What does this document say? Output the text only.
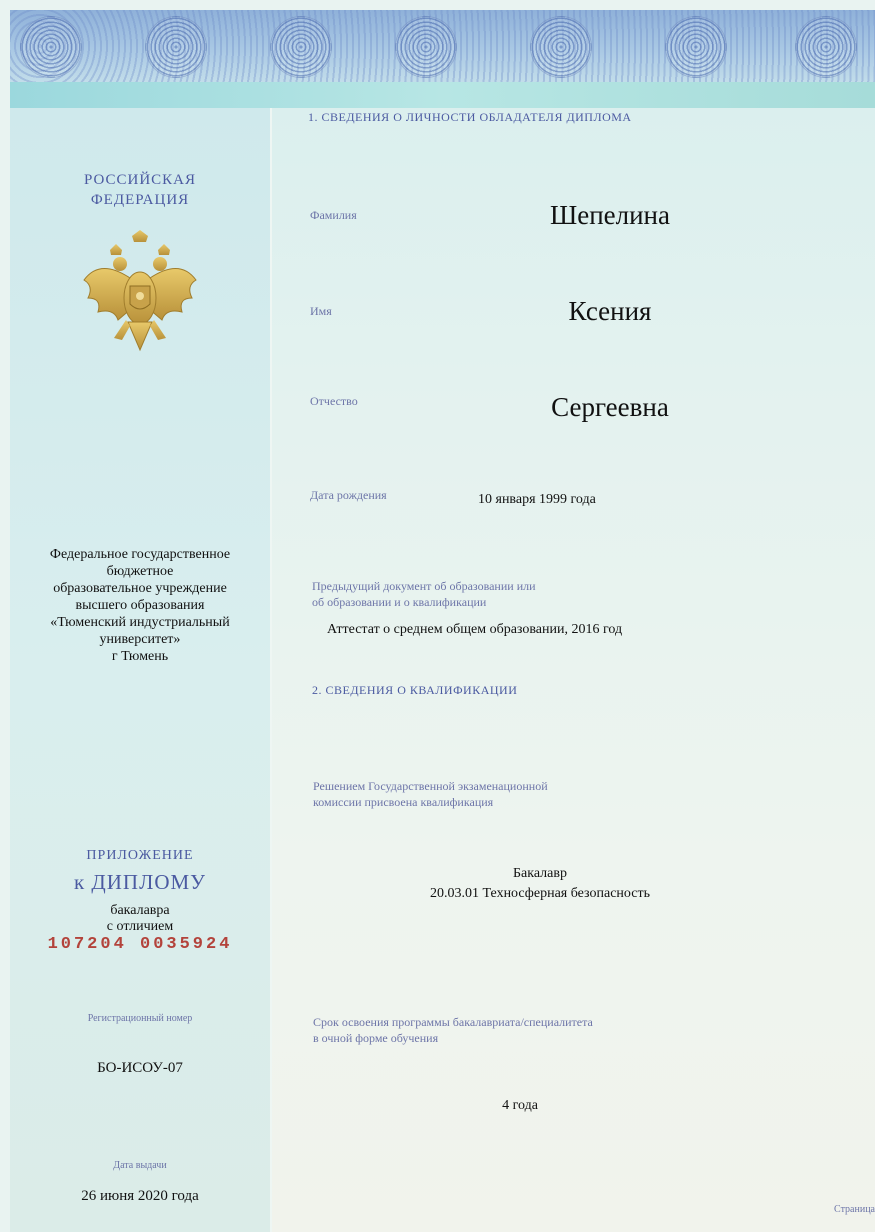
РОССИЙСКАЯ
ФЕДЕРАЦИЯ
Федеральное государственное
бюджетное
образовательное учреждение
высшего образования
«Тюменский индустриальный
университет»
г Тюмень
ПРИЛОЖЕНИЕ
к ДИПЛОМУ
бакалавра
с отличием
107204 0035924
Регистрационный номер
БО-ИСОУ-07
Дата выдачи
26 июня 2020 года
1. СВЕДЕНИЯ О ЛИЧНОСТИ ОБЛАДАТЕЛЯ ДИПЛОМА
Фамилия	Шепелина
Имя	Ксения
Отчество	Сергеевна
Дата рождения	10 января 1999 года
Предыдущий документ об образовании или
об образовании и о квалификации
Аттестат о среднем общем образовании, 2016 год
2. СВЕДЕНИЯ О КВАЛИФИКАЦИИ
Решением Государственной экзаменационной
комиссии присвоена квалификация
Бакалавр
20.03.01 Техносферная безопасность
Срок освоения программы бакалавриата/специалитета
в очной форме обучения
4 года
Страница
